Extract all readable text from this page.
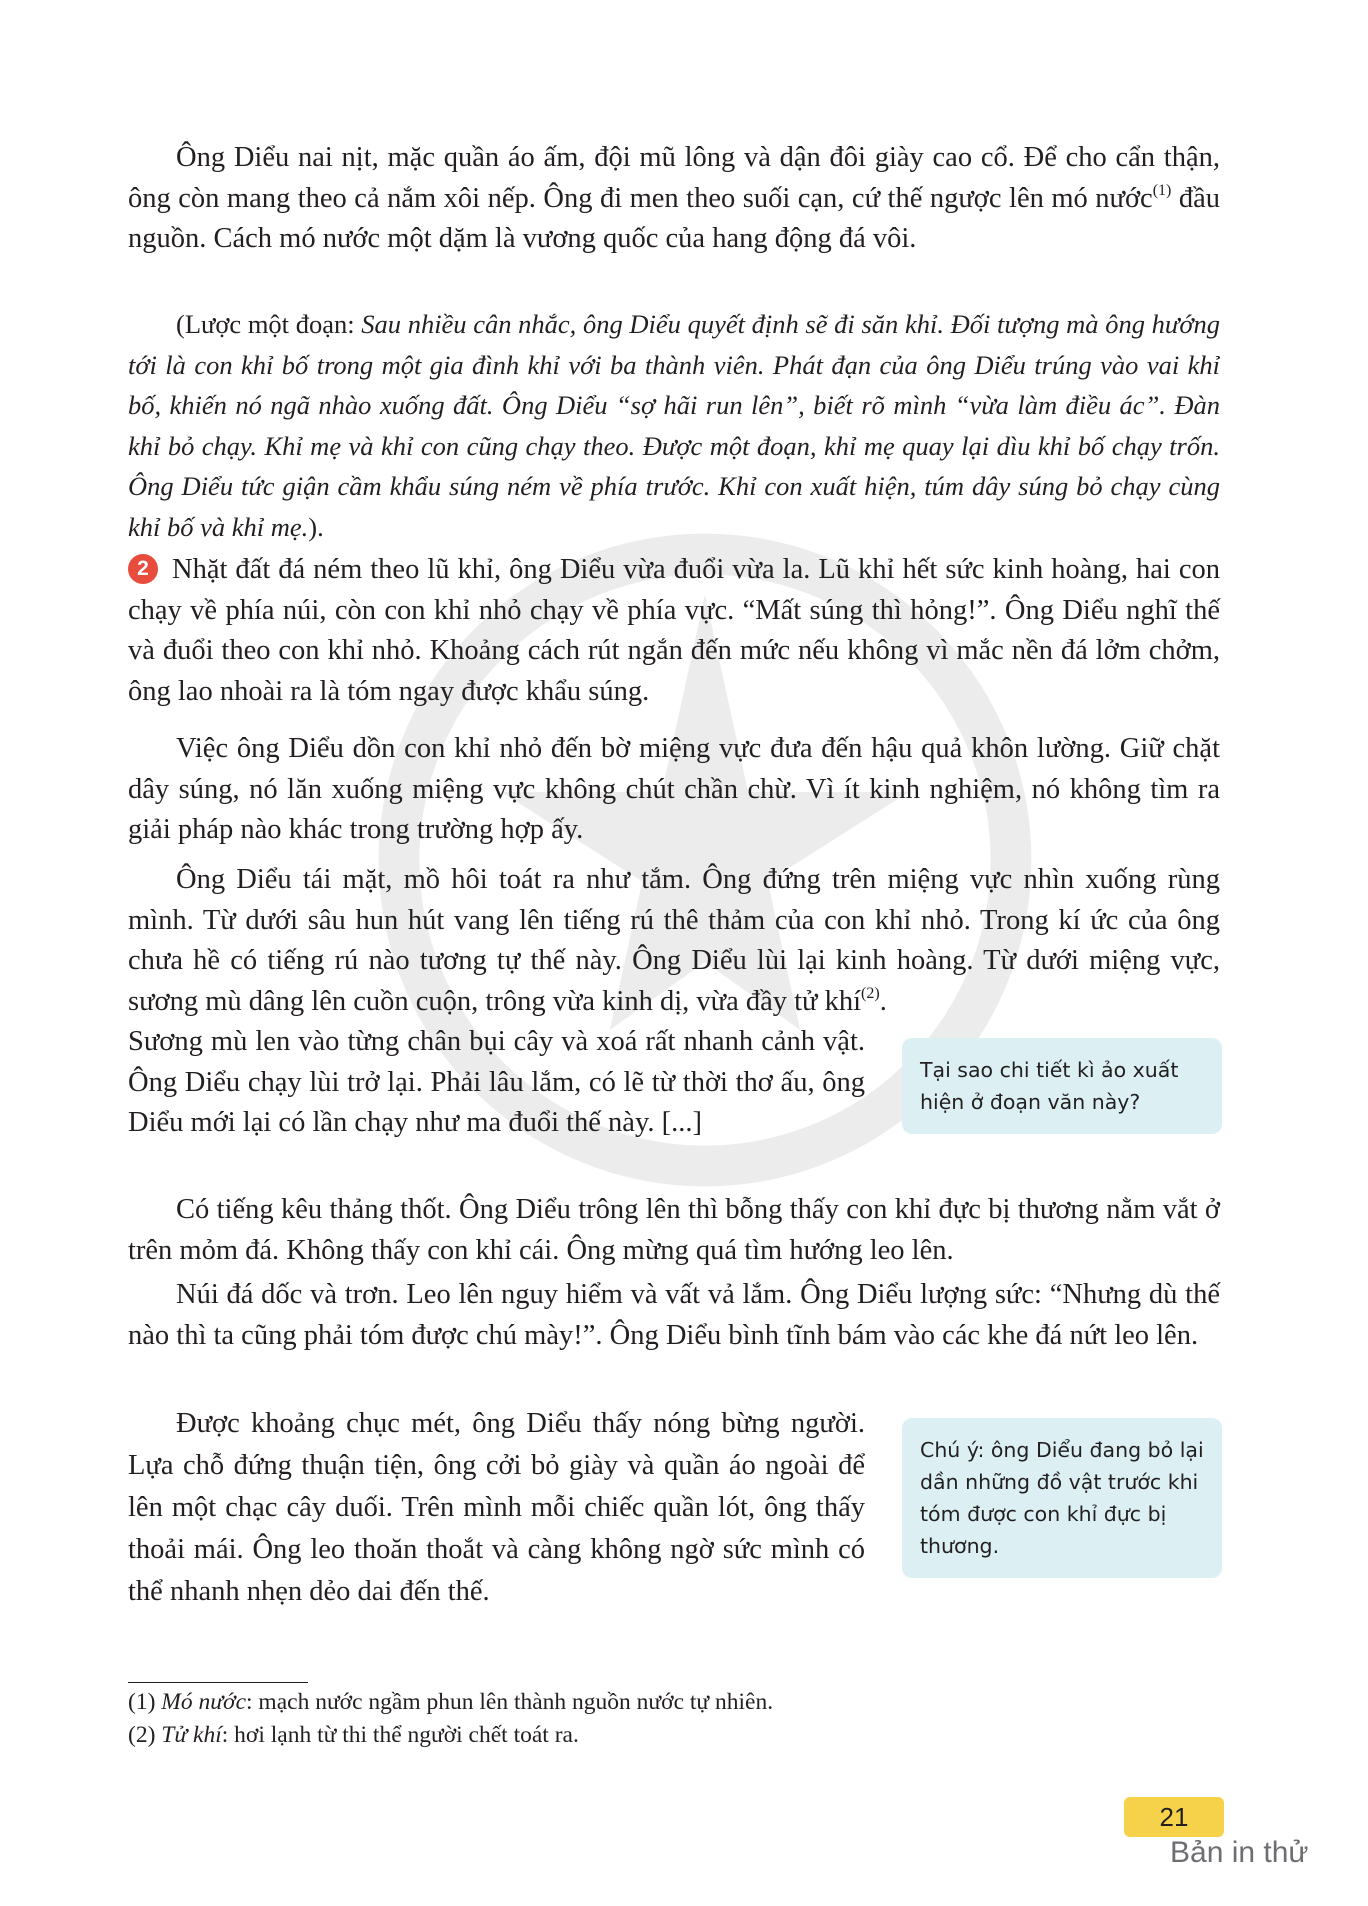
Ông Diểu nai nịt, mặc quần áo ấm, đội mũ lông và dận đôi giày cao cổ. Để cho cẩn thận, ông còn mang theo cả nắm xôi nếp. Ông đi men theo suối cạn, cứ thế ngược lên mó nước$^{(1)}$ đầu nguồn. Cách mó nước một dặm là vương quốc của hang động đá vôi.

(Lược một đoạn: Sau nhiều cân nhắc, ông Diểu quyết định sẽ đi săn khỉ. Đối tượng mà ông hướng tới là con khỉ bố trong một gia đình khỉ với ba thành viên. Phát đạn của ông Diểu trúng vào vai khỉ bố, khiến nó ngã nhào xuống đất. Ông Diểu “sợ hãi run lên”, biết rõ mình “vừa làm điều ác”. Đàn khỉ bỏ chạy. Khỉ mẹ và khỉ con cũng chạy theo. Được một đoạn, khỉ mẹ quay lại dìu khỉ bố chạy trốn. Ông Diểu tức giận cầm khẩu súng ném về phía trước. Khỉ con xuất hiện, túm dây súng bỏ chạy cùng khỉ bố và khỉ mẹ.).

2 Nhặt đất đá ném theo lũ khỉ, ông Diểu vừa đuổi vừa la. Lũ khỉ hết sức kinh hoàng, hai con chạy về phía núi, còn con khỉ nhỏ chạy về phía vực. “Mất súng thì hỏng!”. Ông Diểu nghĩ thế và đuổi theo con khỉ nhỏ. Khoảng cách rút ngắn đến mức nếu không vì mắc nền đá lởm chởm, ông lao nhoài ra là tóm ngay được khẩu súng.

Việc ông Diểu dồn con khỉ nhỏ đến bờ miệng vực đưa đến hậu quả khôn lường. Giữ chặt dây súng, nó lăn xuống miệng vực không chút chần chừ. Vì ít kinh nghiệm, nó không tìm ra giải pháp nào khác trong trường hợp ấy.

Ông Diểu tái mặt, mồ hôi toát ra như tắm. Ông đứng trên miệng vực nhìn xuống rùng mình. Từ dưới sâu hun hút vang lên tiếng rú thê thảm của con khỉ nhỏ. Trong kí ức của ông chưa hề có tiếng rú nào tương tự thế này. Ông Diểu lùi lại kinh hoàng. Từ dưới miệng vực, sương mù dâng lên cuồn cuộn, trông vừa kinh dị, vừa đầy tử khí$^{(2)}$.

Sương mù len vào từng chân bụi cây và xoá rất nhanh cảnh vật. Ông Diểu chạy lùi trở lại. Phải lâu lắm, có lẽ từ thời thơ ấu, ông Diểu mới lại có lần chạy như ma đuổi thế này. [...]

Tại sao chi tiết kì ảo xuất hiện ở đoạn văn này?

Có tiếng kêu thảng thốt. Ông Diểu trông lên thì bỗng thấy con khỉ đực bị thương nằm vắt ở trên mỏm đá. Không thấy con khỉ cái. Ông mừng quá tìm hướng leo lên.

Núi đá dốc và trơn. Leo lên nguy hiểm và vất vả lắm. Ông Diểu lượng sức: “Nhưng dù thế nào thì ta cũng phải tóm được chú mày!”. Ông Diểu bình tĩnh bám vào các khe đá nứt leo lên.

Được khoảng chục mét, ông Diểu thấy nóng bừng người. Lựa chỗ đứng thuận tiện, ông cởi bỏ giày và quần áo ngoài để lên một chạc cây duối. Trên mình mỗi chiếc quần lót, ông thấy thoải mái. Ông leo thoăn thoắt và càng không ngờ sức mình có thể nhanh nhẹn dẻo dai đến thế.

Chú ý: ông Diểu đang bỏ lại dần những đồ vật trước khi tóm được con khỉ đực bị thương.

(1) Mó nước: mạch nước ngầm phun lên thành nguồn nước tự nhiên.

(2) Tử khí: hơi lạnh từ thi thể người chết toát ra.

21
Bản in thử
